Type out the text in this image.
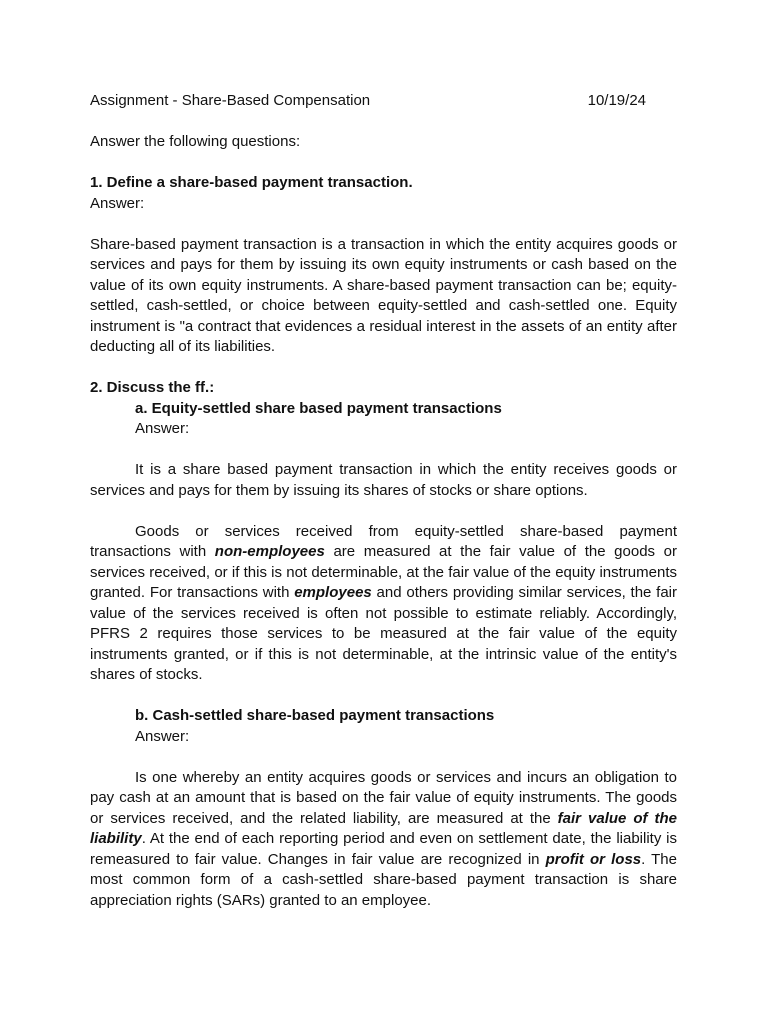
Assignment - Share-Based Compensation	10/19/24

Answer the following questions:

1. Define a share-based payment transaction.

Answer:

Share-based payment transaction is a transaction in which the entity acquires goods or services and pays for them by issuing its own equity instruments or cash based on the value of its own equity instruments. A share-based payment transaction can be; equity-settled, cash-settled, or choice between equity-settled and cash-settled one. Equity instrument is "a contract that evidences a residual interest in the assets of an entity after deducting all of its liabilities.

2. Discuss the ff.:

a. Equity-settled share based payment transactions

Answer:

It is a share based payment transaction in which the entity receives goods or services and pays for them by issuing its shares of stocks or share options.

Goods or services received from equity-settled share-based payment transactions with non-employees are measured at the fair value of the goods or services received, or if this is not determinable, at the fair value of the equity instruments granted. For transactions with employees and others providing similar services, the fair value of the services received is often not possible to estimate reliably. Accordingly, PFRS 2 requires those services to be measured at the fair value of the equity instruments granted, or if this is not determinable, at the intrinsic value of the entity's shares of stocks.

b. Cash-settled share-based payment transactions

Answer:

Is one whereby an entity acquires goods or services and incurs an obligation to pay cash at an amount that is based on the fair value of equity instruments. The goods or services received, and the related liability, are measured at the fair value of the liability. At the end of each reporting period and even on settlement date, the liability is remeasured to fair value. Changes in fair value are recognized in profit or loss. The most common form of a cash-settled share-based payment transaction is share appreciation rights (SARs) granted to an employee.
